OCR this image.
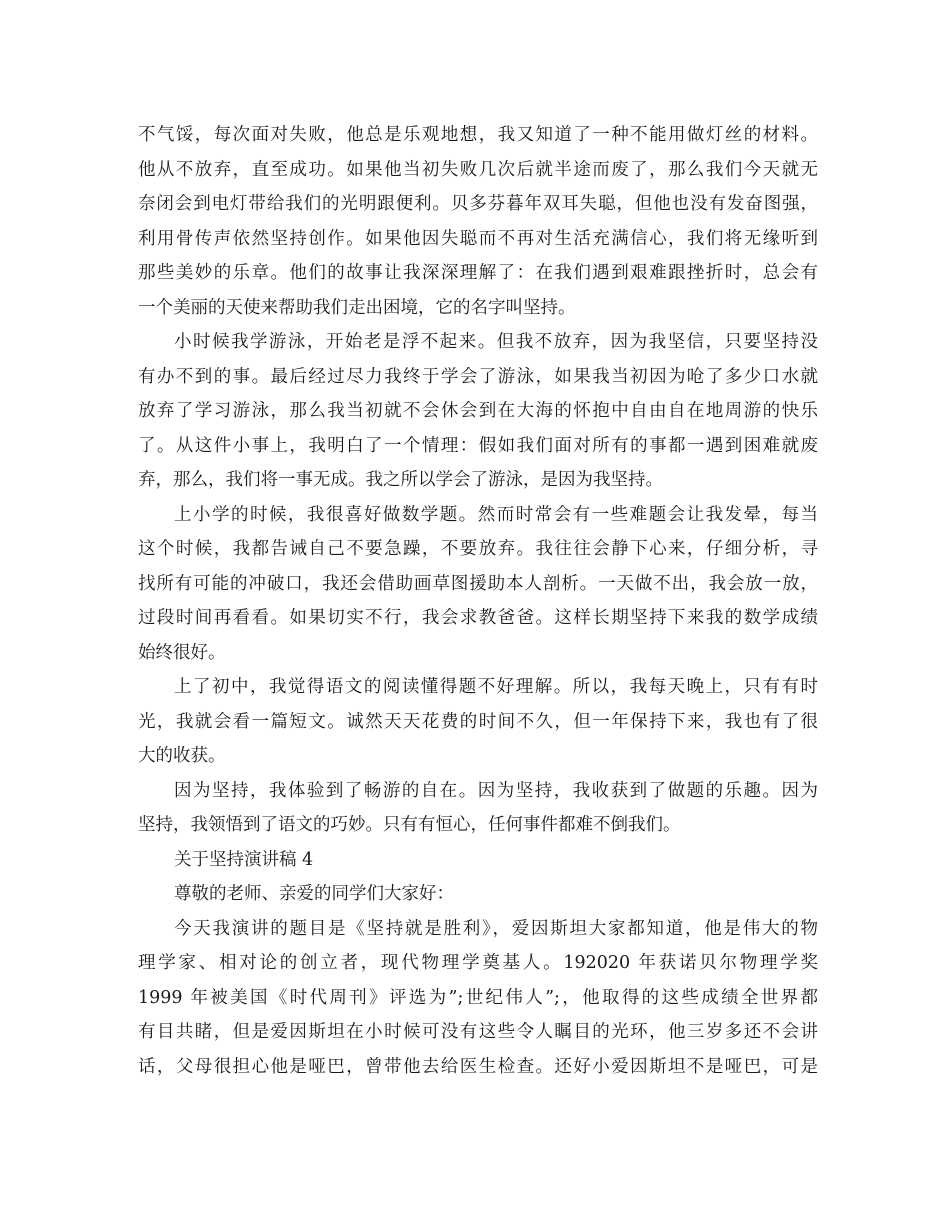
不气馁，每次面对失败，他总是乐观地想，我又知道了一种不能用做灯丝的材料。
他从不放弃，直至成功。如果他当初失败几次后就半途而废了，那么我们今天就无
奈闭会到电灯带给我们的光明跟便利。贝多芬暮年双耳失聪，但他也没有发奋图强，
利用骨传声依然坚持创作。如果他因失聪而不再对生活充满信心，我们将无缘听到
那些美妙的乐章。他们的故事让我深深理解了：在我们遇到艰难跟挫折时，总会有
一个美丽的天使来帮助我们走出困境，它的名字叫坚持。
小时候我学游泳，开始老是浮不起来。但我不放弃，因为我坚信，只要坚持没
有办不到的事。最后经过尽力我终于学会了游泳，如果我当初因为呛了多少口水就
放弃了学习游泳，那么我当初就不会休会到在大海的怀抱中自由自在地周游的快乐
了。从这件小事上，我明白了一个情理：假如我们面对所有的事都一遇到困难就废
弃，那么，我们将一事无成。我之所以学会了游泳，是因为我坚持。
上小学的时候，我很喜好做数学题。然而时常会有一些难题会让我发晕，每当
这个时候，我都告诫自己不要急躁，不要放弃。我往往会静下心来，仔细分析，寻
找所有可能的冲破口，我还会借助画草图援助本人剖析。一天做不出，我会放一放，
过段时间再看看。如果切实不行，我会求教爸爸。这样长期坚持下来我的数学成绩
始终很好。
上了初中，我觉得语文的阅读懂得题不好理解。所以，我每天晚上，只有有时
光，我就会看一篇短文。诚然天天花费的时间不久，但一年保持下来，我也有了很
大的收获。
因为坚持，我体验到了畅游的自在。因为坚持，我收获到了做题的乐趣。因为
坚持，我领悟到了语文的巧妙。只有有恒心，任何事件都难不倒我们。
关于坚持演讲稿 4
尊敬的老师、亲爱的同学们大家好：
今天我演讲的题目是《坚持就是胜利》，爱因斯坦大家都知道，他是伟大的物
理学家、相对论的创立者，现代物理学奠基人。192020 年获诺贝尔物理学奖
1999 年被美国《时代周刊》评选为”;世纪伟人”;，他取得的这些成绩全世界都
有目共睹，但是爱因斯坦在小时候可没有这些令人瞩目的光环，他三岁多还不会讲
话，父母很担心他是哑巴，曾带他去给医生检查。还好小爱因斯坦不是哑巴，可是
